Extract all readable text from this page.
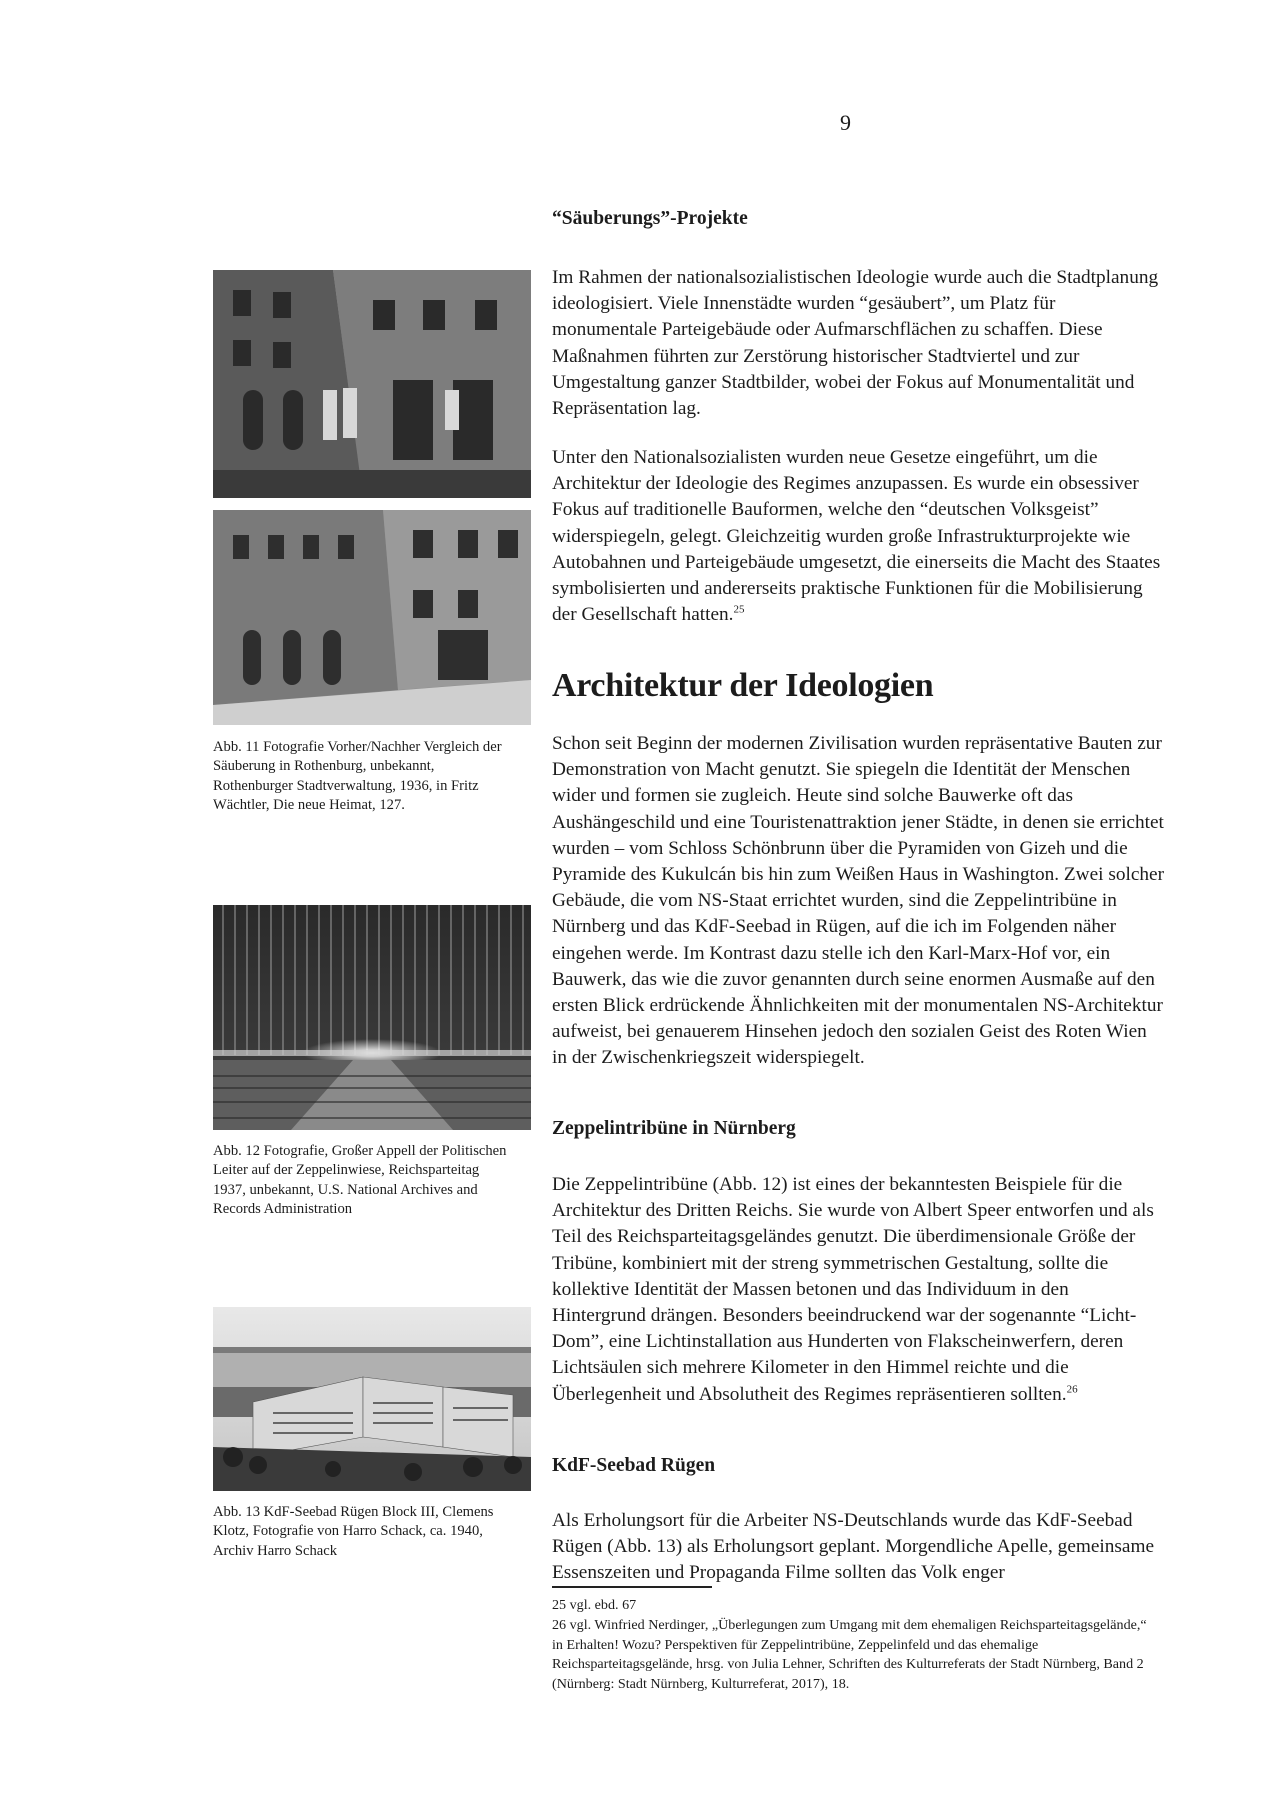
9
“Säuberungs”-Projekte

Im Rahmen der nationalsozialistischen Ideologie wurde auch die Stadtplanung ideologisiert. Viele Innenstädte wurden “gesäubert”, um Platz für monumentale Parteigebäude oder Aufmarschflächen zu schaffen. Diese Maßnahmen führten zur Zerstörung historischer Stadtviertel und zur Umgestaltung ganzer Stadtbilder, wobei der Fokus auf Monumentalität und Repräsentation lag.

Unter den Nationalsozialisten wurden neue Gesetze eingeführt, um die Architektur der Ideologie des Regimes anzupassen. Es wurde ein obsessiver Fokus auf traditionelle Bauformen, welche den “deutschen Volksgeist” widerspiegeln, gelegt. Gleichzeitig wurden große Infrastrukturprojekte wie Autobahnen und Parteigebäude umgesetzt, die einerseits die Macht des Staates symbolisierten und andererseits praktische Funktionen für die Mobilisierung der Gesellschaft hatten.$^{25}$

Architektur der Ideologien

Schon seit Beginn der modernen Zivilisation wurden repräsentative Bauten zur Demonstration von Macht genutzt. Sie spiegeln die Identität der Menschen wider und formen sie zugleich. Heute sind solche Bauwerke oft das Aushängeschild und eine Touristenattraktion jener Städte, in denen sie errichtet wurden – vom Schloss Schönbrunn über die Pyramiden von Gizeh und die Pyramide des Kukulcán bis hin zum Weißen Haus in Washington. Zwei solcher Gebäude, die vom NS-Staat errichtet wurden, sind die Zeppelintribüne in Nürnberg und das KdF-Seebad in Rügen, auf die ich im Folgenden näher eingehen werde. Im Kontrast dazu stelle ich den Karl-Marx-Hof vor, ein Bauwerk, das wie die zuvor genannten durch seine enormen Ausmaße auf den ersten Blick erdrückende Ähnlichkeiten mit der monumentalen NS-Architektur aufweist, bei genauerem Hinsehen jedoch den sozialen Geist des Roten Wien in der Zwischenkriegszeit widerspiegelt.

Zeppelintribüne in Nürnberg

Die Zeppelintribüne (Abb. 12) ist eines der bekanntesten Beispiele für die Architektur des Dritten Reichs. Sie wurde von Albert Speer entworfen und als Teil des Reichsparteitagsgeländes genutzt. Die überdimensionale Größe der Tribüne, kombiniert mit der streng symmetrischen Gestaltung, sollte die kollektive Identität der Massen betonen und das Individuum in den Hintergrund drängen. Besonders beeindruckend war der sogenannte “Licht-Dom”, eine Lichtinstallation aus Hunderten von Flakscheinwerfern, deren Lichtsäulen sich mehrere Kilometer in den Himmel reichte und die Überlegenheit und Absolutheit des Regimes repräsentieren sollten.$^{26}$

KdF-Seebad Rügen

Als Erholungsort für die Arbeiter NS-Deutschlands wurde das KdF-Seebad Rügen (Abb. 13) als Erholungsort geplant. Morgendliche Apelle, gemeinsame Essenszeiten und Propaganda Filme sollten das Volk enger

25 vgl. ebd. 67

26 vgl. Winfried Nerdinger, „Überlegungen zum Umgang mit dem ehemaligen Reichsparteitagsgelände,“ in Erhalten! Wozu? Perspektiven für Zeppelintribüne, Zeppelinfeld und das ehemalige Reichsparteitagsgelände, hrsg. von Julia Lehner, Schriften des Kulturreferats der Stadt Nürnberg, Band 2 (Nürnberg: Stadt Nürnberg, Kulturreferat, 2017), 18.

Abb. 11 Fotografie Vorher/Nachher Vergleich der Säuberung in Rothenburg, unbekannt, Rothenburger Stadtverwaltung, 1936, in Fritz Wächtler, Die neue Heimat, 127.

Abb. 12 Fotografie, Großer Appell der Politischen Leiter auf der Zeppelinwiese, Reichsparteitag 1937, unbekannt, U.S. National Archives and Records Administration

Abb. 13 KdF-Seebad Rügen Block III, Clemens Klotz, Fotografie von Harro Schack, ca. 1940, Archiv Harro Schack
